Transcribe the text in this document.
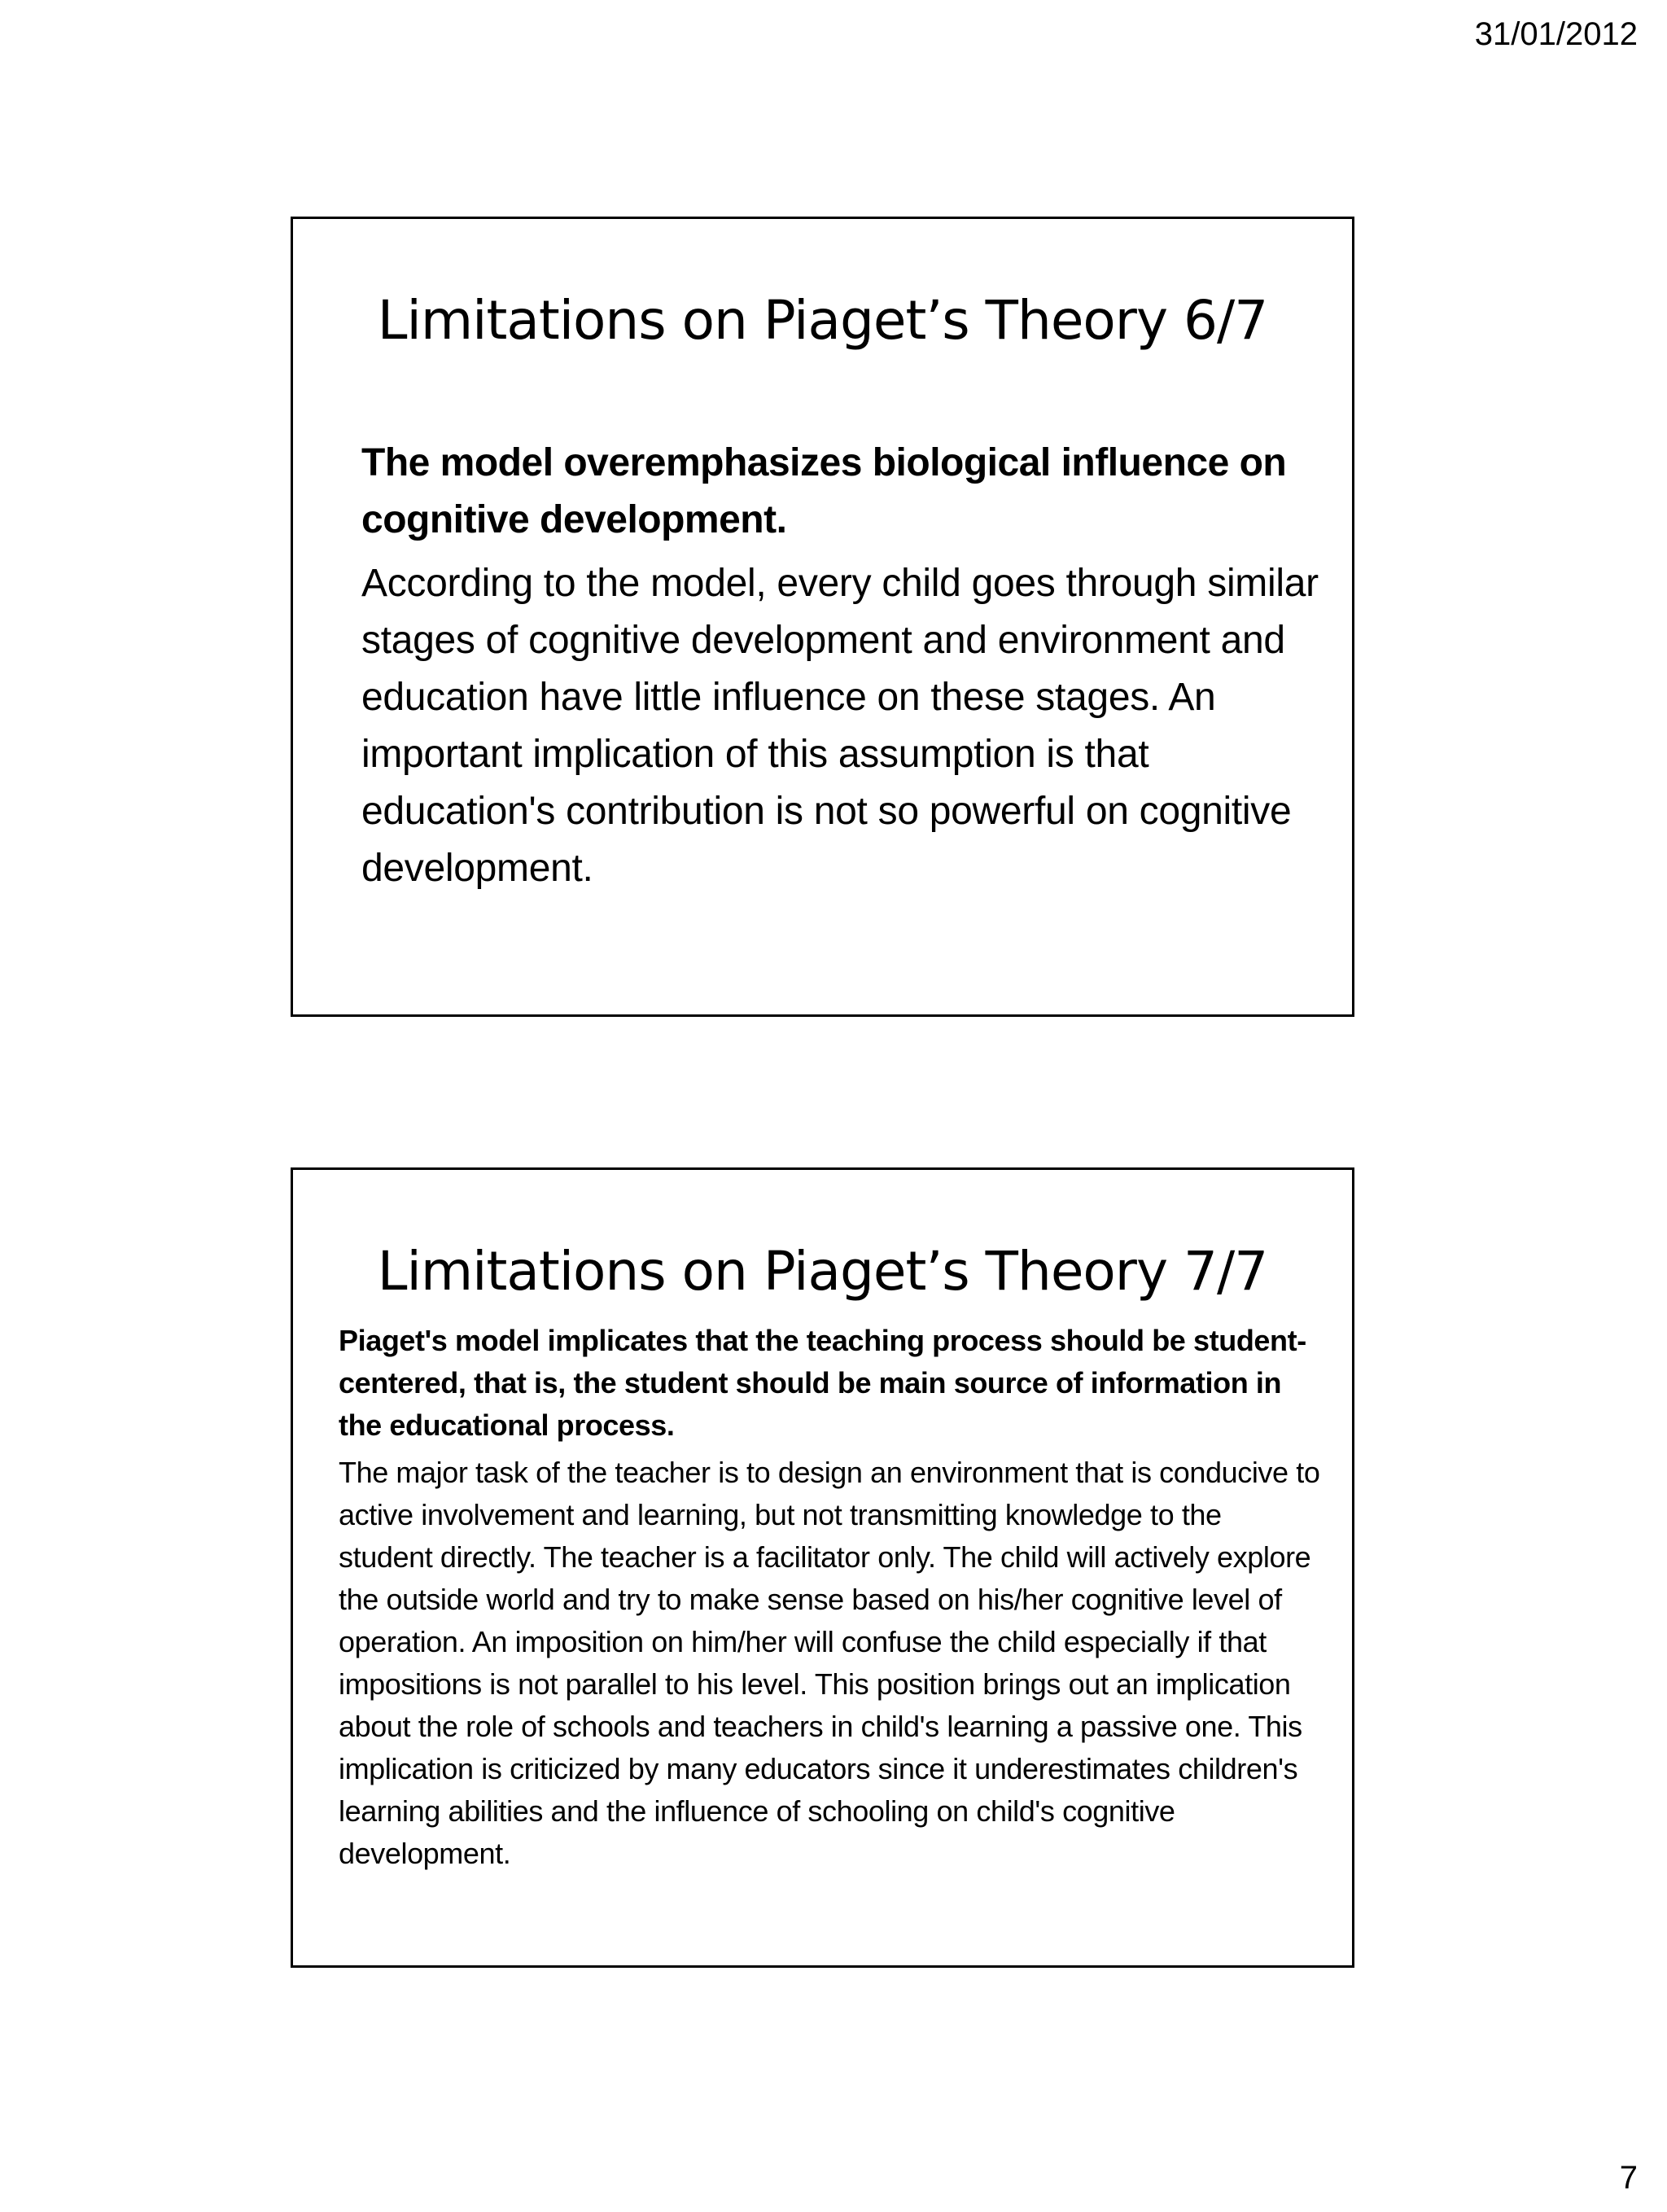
31/01/2012
Limitations on Piaget’s Theory 6/7

The model overemphasizes biological influence on cognitive development.

According to the model, every child goes through similar stages of cognitive development and environment and education have little influence on these stages. An important implication of this assumption is that education's contribution is not so powerful on cognitive development.

Limitations on Piaget’s Theory 7/7

Piaget's model implicates that the teaching process should be student-centered, that is, the student should be main source of information in the educational process.

The major task of the teacher is to design an environment that is conducive to active involvement and learning, but not transmitting knowledge to the student directly. The teacher is a facilitator only. The child will actively explore the outside world and try to make sense based on his/her cognitive level of operation. An imposition on him/her will confuse the child especially if that impositions is not parallel to his level. This position brings out an implication about the role of schools and teachers in child's learning a passive one. This implication is criticized by many educators since it underestimates children's learning abilities and the influence of schooling on child's cognitive development.

7
